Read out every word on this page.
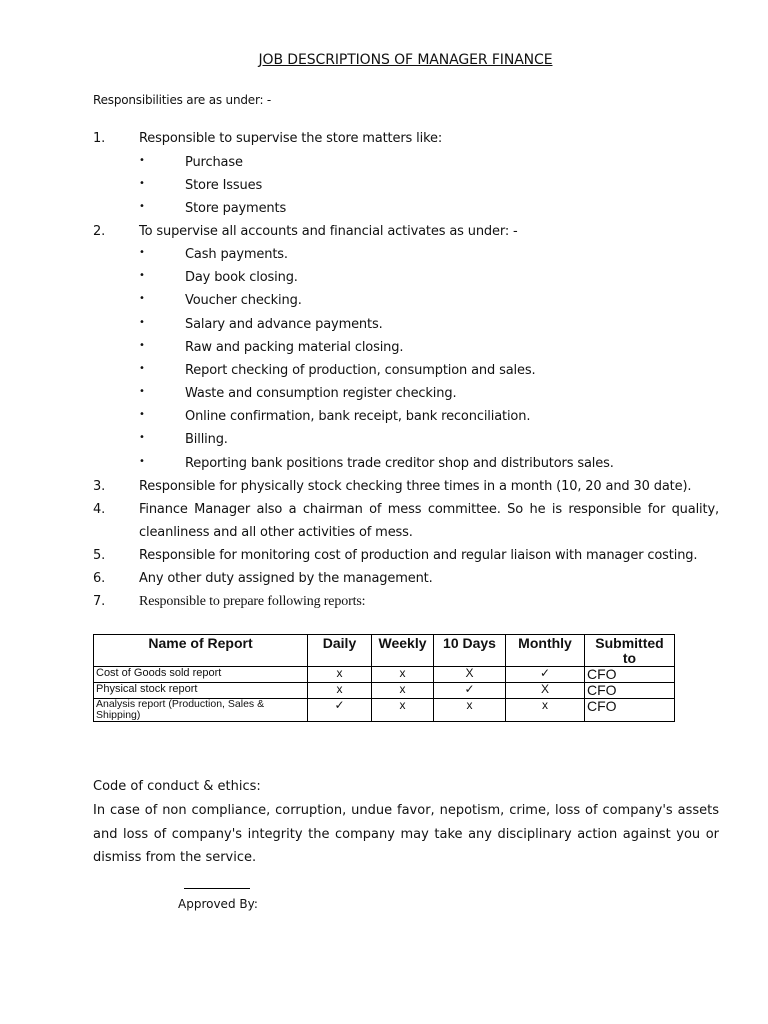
JOB DESCRIPTIONS OF MANAGER FINANCE
Responsibilities are as under: -
1.	Responsible to supervise the store matters like:
•	Purchase
•	Store Issues
•	Store payments
2.	To supervise all accounts and financial activates as under: -
•	Cash payments.
•	Day book closing.
•	Voucher checking.
•	Salary and advance payments.
•	Raw and packing material closing.
•	Report checking of production, consumption and sales.
•	Waste and consumption register checking.
•	Online confirmation, bank receipt, bank reconciliation.
•	Billing.
•	Reporting bank positions trade creditor shop and distributors sales.
3.	Responsible for physically stock checking three times in a month (10, 20 and 30 date).
4.	Finance Manager also a chairman of mess committee. So he is responsible for quality,
cleanliness and all other activities of mess.
5.	Responsible for monitoring cost of production and regular liaison with manager costing.
6.	Any other duty assigned by the management.
7. Responsible to prepare following reports:
Name of Report	Daily	Weekly	10 Days	Monthly	Submitted to
Cost of Goods sold report	x	x	X	✓	CFO
Physical stock report	x	x	✓	X	CFO
Analysis report (Production, Sales & Shipping)	✓	x	x	x	CFO
Code of conduct & ethics:
In case of non compliance, corruption, undue favor, nepotism, crime, loss of company's assets and loss of company's integrity the company may take any disciplinary action against you or dismiss from the service.
Approved By:
